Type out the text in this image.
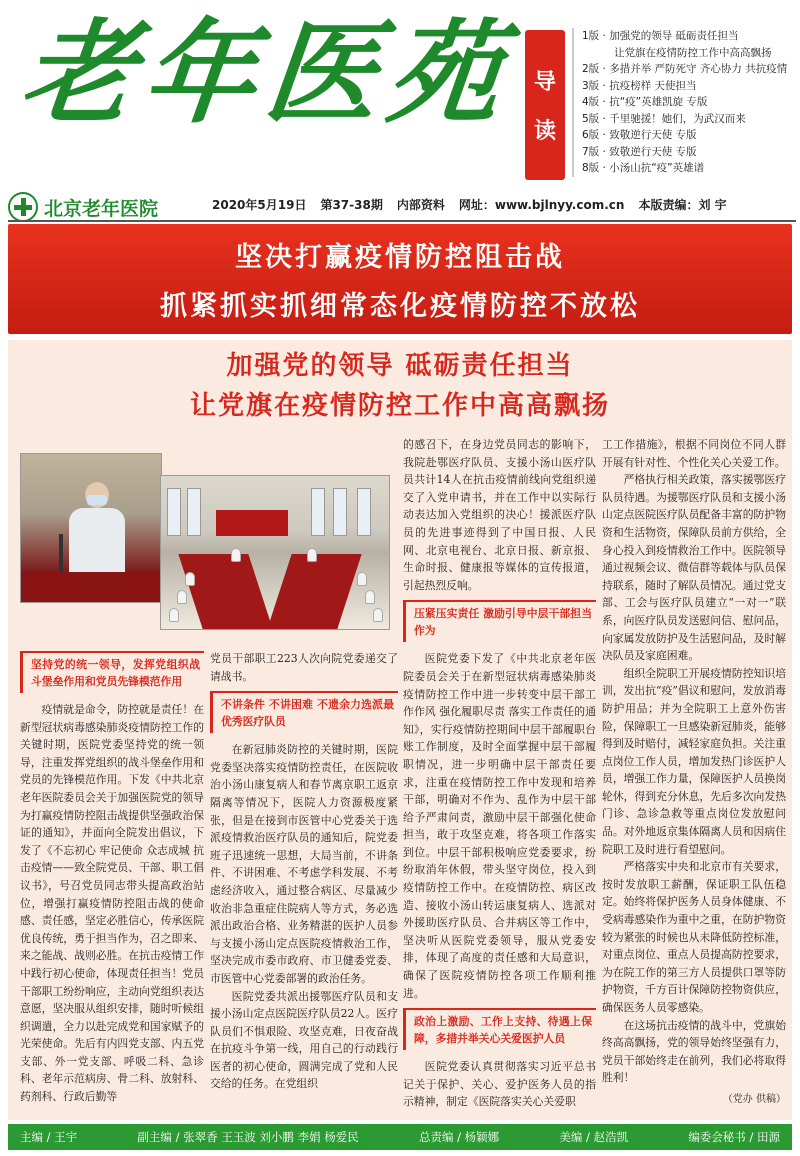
老年医苑 导
读
1版 · 加强党的领导 砥砺责任担当
让党旗在疫情防控工作中高高飘扬
2版 · 多措并举 严防死守 齐心协力 共抗疫情
3版 · 抗疫榜样 天使担当
4版 · 抗“疫”英雄凯旋 专版
5版 · 千里驰援！她们，为武汉而来
6版 · 致敬逆行天使 专版
7版 · 致敬逆行天使 专版
8版 · 小汤山抗“疫”英雄谱
北京老年医院	2020年5月19日 第37-38期 内部资料 网址：www.bjlnyy.com.cn 本版责编：刘 宇
坚决打赢疫情防控阻击战
抓紧抓实抓细常态化疫情防控不放松
加强党的领导 砥砺责任担当
让党旗在疫情防控工作中高高飘扬
坚持党的统一领导，发挥党组织战斗堡垒作用和党员先锋模范作用

疫情就是命令，防控就是责任！在新型冠状病毒感染肺炎疫情防控工作的关键时期，医院党委坚持党的统一领导，注重发挥党组织的战斗堡垒作用和党员的先锋模范作用。下发《中共北京老年医院委员会关于加强医院党的领导为打赢疫情防控阻击战提供坚强政治保证的通知》，并面向全院发出倡议，下发了《不忘初心 牢记使命 众志成城 抗击疫情——致全院党员、干部、职工倡议书》，号召党员同志带头提高政治站位，增强打赢疫情防控阻击战的使命感、责任感，坚定必胜信心，传承医院优良传统，勇于担当作为，召之即来、来之能战、战则必胜。在抗击疫情工作中践行初心使命，体现责任担当！党员干部职工纷纷响应，主动向党组织表达意愿，坚决服从组织安排，随时听候组织调遣，全力以赴完成党和国家赋予的光荣使命。先后有内四党支部、内五党支部、外一党支部、呼吸二科、急诊科、老年示范病房、骨二科、放射科、药剂科、行政后勤等

党员干部职工223人次向院党委递交了请战书。

不讲条件 不讲困难 不遗余力选派最优秀医疗队员

在新冠肺炎防控的关键时期，医院党委坚决落实疫情防控责任，在医院收治小汤山康复病人和春节离京职工返京隔离等情况下，医院人力资源极度紧张，但是在接到市医管中心党委关于选派疫情救治医疗队员的通知后，院党委班子迅速统一思想，大局当前，不讲条件、不讲困难、不考虑学科发展、不考虑经济收入，通过整合病区、尽量减少收治非急重症住院病人等方式，务必选派出政治合格、业务精湛的医护人员参与支援小汤山定点医院疫情救治工作，坚决完成市委市政府、市卫健委党委、市医管中心党委部署的政治任务。

医院党委共派出援鄂医疗队员和支援小汤山定点医院医疗队员22人。医疗队员们不惧艰险、攻坚克难，日夜奋战在抗疫斗争第一线，用自己的行动践行医者的初心使命，圆满完成了党和人民交给的任务。在党组织

的感召下，在身边党员同志的影响下，我院赴鄂医疗队员、支援小汤山医疗队员共计14人在抗击疫情前线向党组织递交了入党申请书，并在工作中以实际行动表达加入党组织的决心！援派医疗队员的先进事迹得到了中国日报、人民网、北京电视台、北京日报、新京报、生命时报、健康报等媒体的宣传报道，引起热烈反响。

压紧压实责任 激励引导中层干部担当作为

医院党委下发了《中共北京老年医院委员会关于在新型冠状病毒感染肺炎疫情防控工作中进一步转变中层干部工作作风 强化履职尽责 落实工作责任的通知》，实行疫情防控期间中层干部履职台账工作制度，及时全面掌握中层干部履职情况，进一步明确中层干部责任要求，注重在疫情防控工作中发现和培养干部，明确对不作为、乱作为中层干部给予严肃问责，激励中层干部强化使命担当，敢于攻坚克难，将各项工作落实到位。中层干部积极响应党委要求，纷纷取消年休假，带头坚守岗位，投入到疫情防控工作中。在疫情防控、病区改造、接收小汤山转运康复病人、选派对外援助医疗队员、合并病区等工作中，坚决听从医院党委领导，服从党委安排，体现了高度的责任感和大局意识，确保了医院疫情防控各项工作顺利推进。

政治上激励、工作上支持、待遇上保障，多措并举关心关爱医护人员

医院党委认真贯彻落实习近平总书记关于保护、关心、爱护医务人员的指示精神，制定《医院落实关心关爱职

工工作措施》，根据不同岗位不同人群开展有针对性、个性化关心关爱工作。

严格执行相关政策，落实援鄂医疗队员待遇。为援鄂医疗队员和支援小汤山定点医院医疗队员配备丰富的防护物资和生活物资，保障队员前方供给，全身心投入到疫情救治工作中。医院领导通过视频会议、微信群等载体与队员保持联系，随时了解队员情况。通过党支部、工会与医疗队员建立“一对一”联系，向医疗队员发送慰问信、慰问品，向家属发放防护及生活慰问品，及时解决队员及家庭困难。

组织全院职工开展疫情防控知识培训，发出抗“疫”倡议和慰问，发放消毒防护用品；并为全院职工上意外伤害险，保障职工一旦感染新冠肺炎，能够得到及时赔付，减轻家庭负担。关注重点岗位工作人员，增加发热门诊医护人员，增强工作力量，保障医护人员换岗轮休，得到充分休息，先后多次向发热门诊、急诊急救等重点岗位发放慰问品。对外地返京集体隔离人员和因病住院职工及时进行看望慰问。

严格落实中央和北京市有关要求，按时发放职工薪酬，保证职工队伍稳定。始终将保护医务人员身体健康、不受病毒感染作为重中之重，在防护物资较为紧张的时候也从未降低防控标准，对重点岗位、重点人员提高防控要求，为在院工作的第三方人员提供口罩等防护物资，千方百计保障防控物资供应，确保医务人员零感染。

在这场抗击疫情的战斗中，党旗始终高高飘扬，党的领导始终坚强有力，党员干部始终走在前列，我们必将取得胜利！

（党办 供稿）
主编 / 王宇	副主编 / 张翠香 王玉波 刘小鹏 李娟 杨爱民	总责编 / 杨颖娜	美编 / 赵浩凯	编委会秘书 / 田源
